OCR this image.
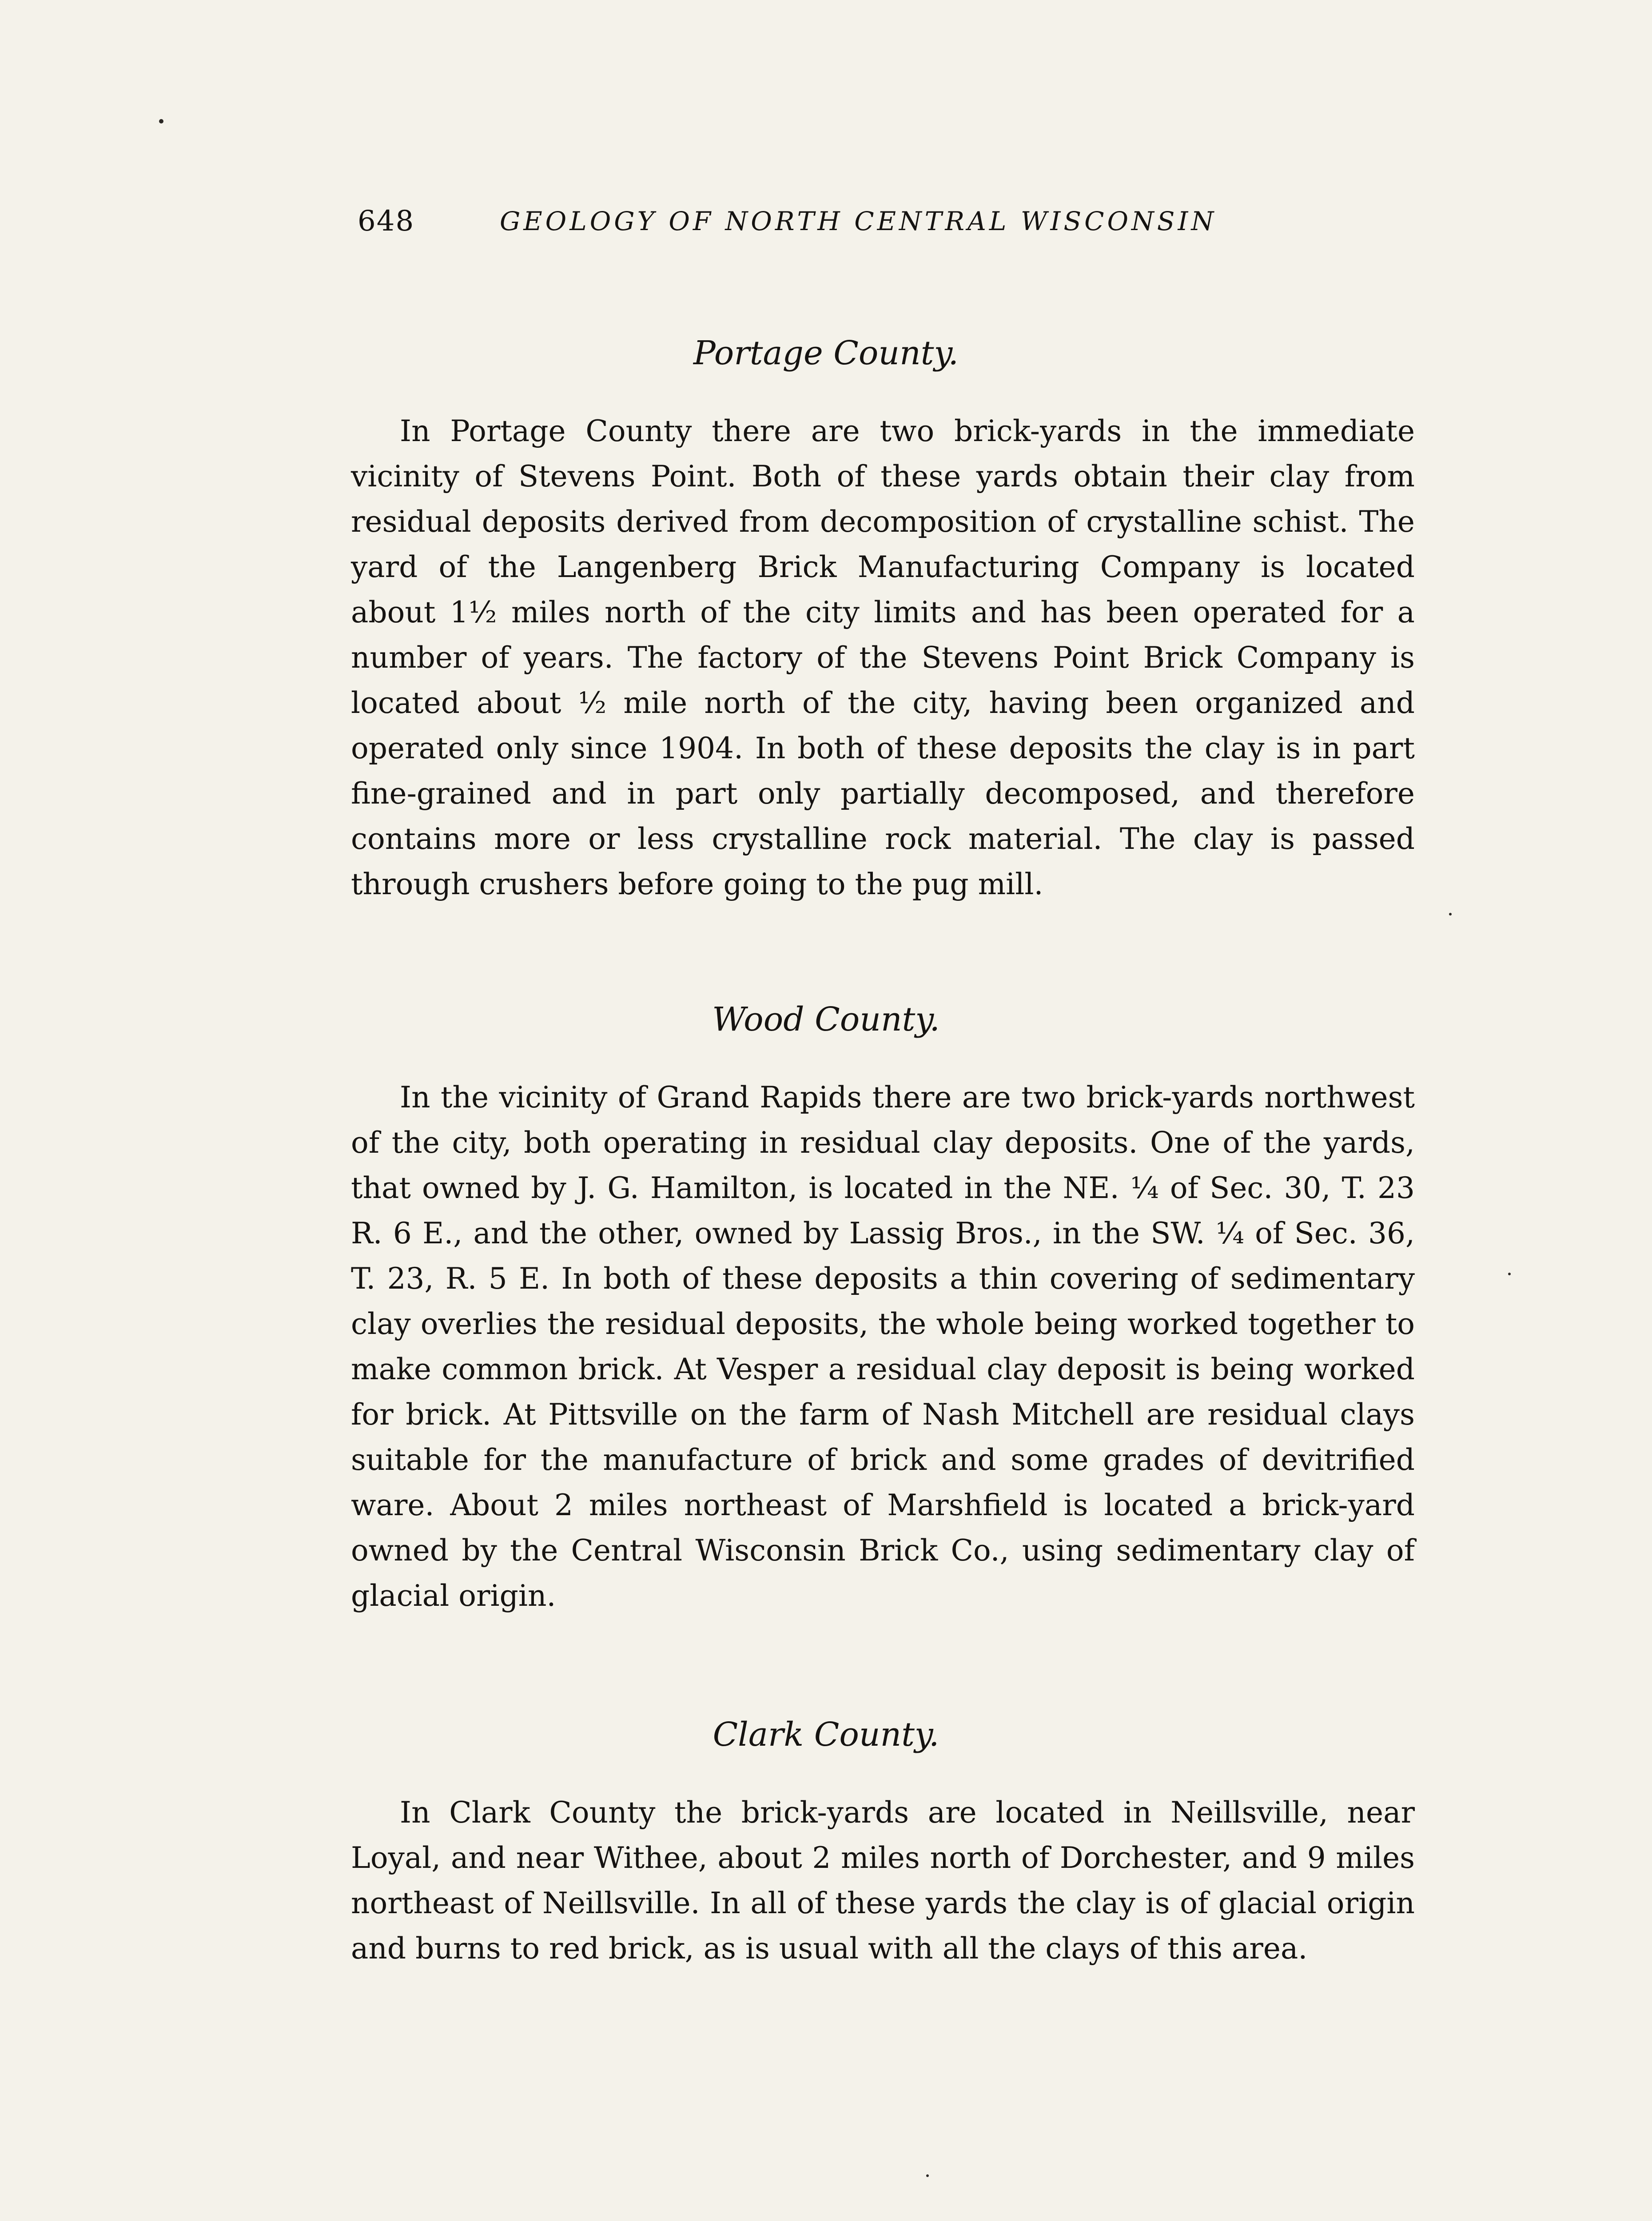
648	GEOLOGY OF NORTH CENTRAL WISCONSIN
Portage County.

In Portage County there are two brick-yards in the immediate vicinity of Stevens Point. Both of these yards obtain their clay from residual deposits derived from decomposition of crystalline schist. The yard of the Langenberg Brick Manufacturing Company is located about 1½ miles north of the city limits and has been operated for a number of years. The factory of the Stevens Point Brick Company is located about ½ mile north of the city, having been organized and operated only since 1904. In both of these deposits the clay is in part fine-grained and in part only partially decomposed, and therefore contains more or less crystalline rock material. The clay is passed through crushers before going to the pug mill.

Wood County.

In the vicinity of Grand Rapids there are two brick-yards northwest of the city, both operating in residual clay deposits. One of the yards, that owned by J. G. Hamilton, is located in the NE. ¼ of Sec. 30, T. 23 R. 6 E., and the other, owned by Lassig Bros., in the SW. ¼ of Sec. 36, T. 23, R. 5 E. In both of these deposits a thin covering of sedimentary clay overlies the residual deposits, the whole being worked together to make common brick. At Vesper a residual clay deposit is being worked for brick. At Pittsville on the farm of Nash Mitchell are residual clays suitable for the manufacture of brick and some grades of devitrified ware. About 2 miles northeast of Marshfield is located a brick-yard owned by the Central Wisconsin Brick Co., using sedimentary clay of glacial origin.

Clark County.

In Clark County the brick-yards are located in Neillsville, near Loyal, and near Withee, about 2 miles north of Dorchester, and 9 miles northeast of Neillsville. In all of these yards the clay is of glacial origin and burns to red brick, as is usual with all the clays of this area.
